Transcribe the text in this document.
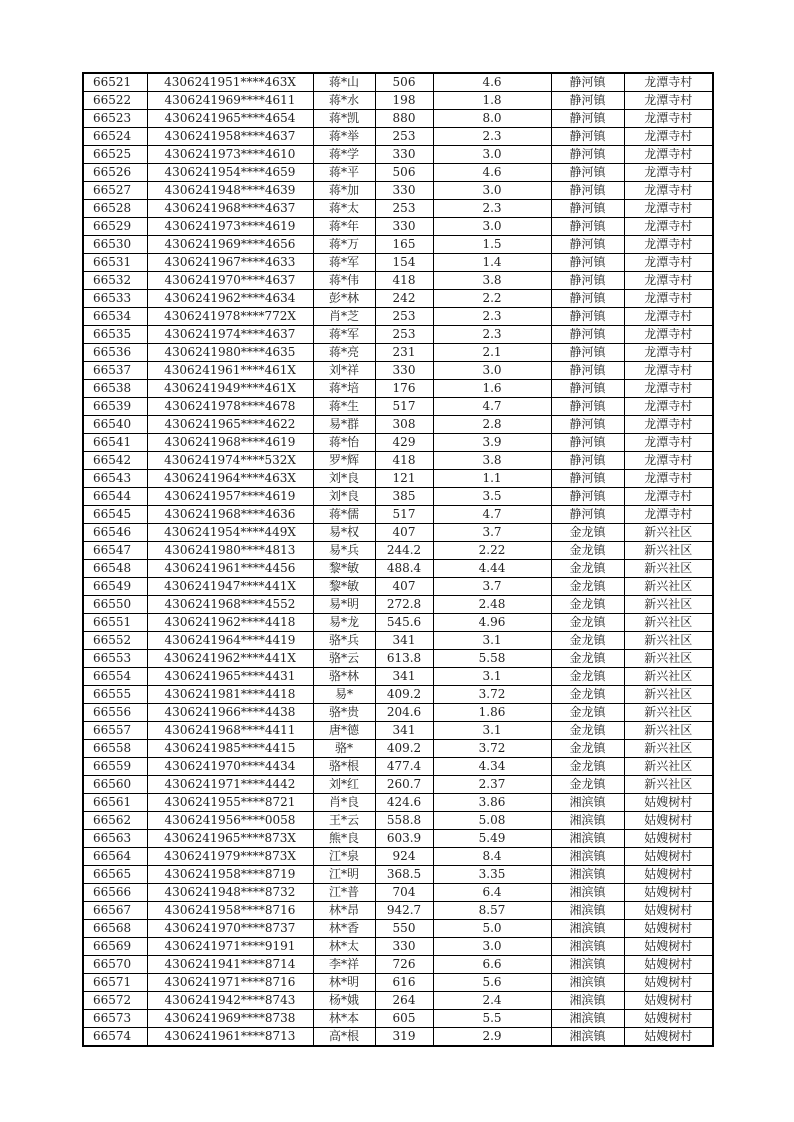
66521	4306241951****463X	蒋*山	506	4.6	静河镇	龙潭寺村
66522	4306241969****4611	蒋*水	198	1.8	静河镇	龙潭寺村
66523	4306241965****4654	蒋*凯	880	8.0	静河镇	龙潭寺村
66524	4306241958****4637	蒋*举	253	2.3	静河镇	龙潭寺村
66525	4306241973****4610	蒋*学	330	3.0	静河镇	龙潭寺村
66526	4306241954****4659	蒋*平	506	4.6	静河镇	龙潭寺村
66527	4306241948****4639	蒋*加	330	3.0	静河镇	龙潭寺村
66528	4306241968****4637	蒋*太	253	2.3	静河镇	龙潭寺村
66529	4306241973****4619	蒋*年	330	3.0	静河镇	龙潭寺村
66530	4306241969****4656	蒋*万	165	1.5	静河镇	龙潭寺村
66531	4306241967****4633	蒋*军	154	1.4	静河镇	龙潭寺村
66532	4306241970****4637	蒋*伟	418	3.8	静河镇	龙潭寺村
66533	4306241962****4634	彭*林	242	2.2	静河镇	龙潭寺村
66534	4306241978****772X	肖*芝	253	2.3	静河镇	龙潭寺村
66535	4306241974****4637	蒋*军	253	2.3	静河镇	龙潭寺村
66536	4306241980****4635	蒋*亮	231	2.1	静河镇	龙潭寺村
66537	4306241961****461X	刘*祥	330	3.0	静河镇	龙潭寺村
66538	4306241949****461X	蒋*培	176	1.6	静河镇	龙潭寺村
66539	4306241978****4678	蒋*生	517	4.7	静河镇	龙潭寺村
66540	4306241965****4622	易*群	308	2.8	静河镇	龙潭寺村
66541	4306241968****4619	蒋*怡	429	3.9	静河镇	龙潭寺村
66542	4306241974****532X	罗*辉	418	3.8	静河镇	龙潭寺村
66543	4306241964****463X	刘*良	121	1.1	静河镇	龙潭寺村
66544	4306241957****4619	刘*良	385	3.5	静河镇	龙潭寺村
66545	4306241968****4636	蒋*儒	517	4.7	静河镇	龙潭寺村
66546	4306241954****449X	易*权	407	3.7	金龙镇	新兴社区
66547	4306241980****4813	易*兵	244.2	2.22	金龙镇	新兴社区
66548	4306241961****4456	黎*敏	488.4	4.44	金龙镇	新兴社区
66549	4306241947****441X	黎*敏	407	3.7	金龙镇	新兴社区
66550	4306241968****4552	易*明	272.8	2.48	金龙镇	新兴社区
66551	4306241962****4418	易*龙	545.6	4.96	金龙镇	新兴社区
66552	4306241964****4419	骆*兵	341	3.1	金龙镇	新兴社区
66553	4306241962****441X	骆*云	613.8	5.58	金龙镇	新兴社区
66554	4306241965****4431	骆*林	341	3.1	金龙镇	新兴社区
66555	4306241981****4418	易*	409.2	3.72	金龙镇	新兴社区
66556	4306241966****4438	骆*贵	204.6	1.86	金龙镇	新兴社区
66557	4306241968****4411	唐*德	341	3.1	金龙镇	新兴社区
66558	4306241985****4415	骆*	409.2	3.72	金龙镇	新兴社区
66559	4306241970****4434	骆*根	477.4	4.34	金龙镇	新兴社区
66560	4306241971****4442	刘*红	260.7	2.37	金龙镇	新兴社区
66561	4306241955****8721	肖*良	424.6	3.86	湘滨镇	姑嫂树村
66562	4306241956****0058	王*云	558.8	5.08	湘滨镇	姑嫂树村
66563	4306241965****873X	熊*良	603.9	5.49	湘滨镇	姑嫂树村
66564	4306241979****873X	江*泉	924	8.4	湘滨镇	姑嫂树村
66565	4306241958****8719	江*明	368.5	3.35	湘滨镇	姑嫂树村
66566	4306241948****8732	江*普	704	6.4	湘滨镇	姑嫂树村
66567	4306241958****8716	林*昂	942.7	8.57	湘滨镇	姑嫂树村
66568	4306241970****8737	林*香	550	5.0	湘滨镇	姑嫂树村
66569	4306241971****9191	林*太	330	3.0	湘滨镇	姑嫂树村
66570	4306241941****8714	李*祥	726	6.6	湘滨镇	姑嫂树村
66571	4306241971****8716	林*明	616	5.6	湘滨镇	姑嫂树村
66572	4306241942****8743	杨*娥	264	2.4	湘滨镇	姑嫂树村
66573	4306241969****8738	林*本	605	5.5	湘滨镇	姑嫂树村
66574	4306241961****8713	高*根	319	2.9	湘滨镇	姑嫂树村
